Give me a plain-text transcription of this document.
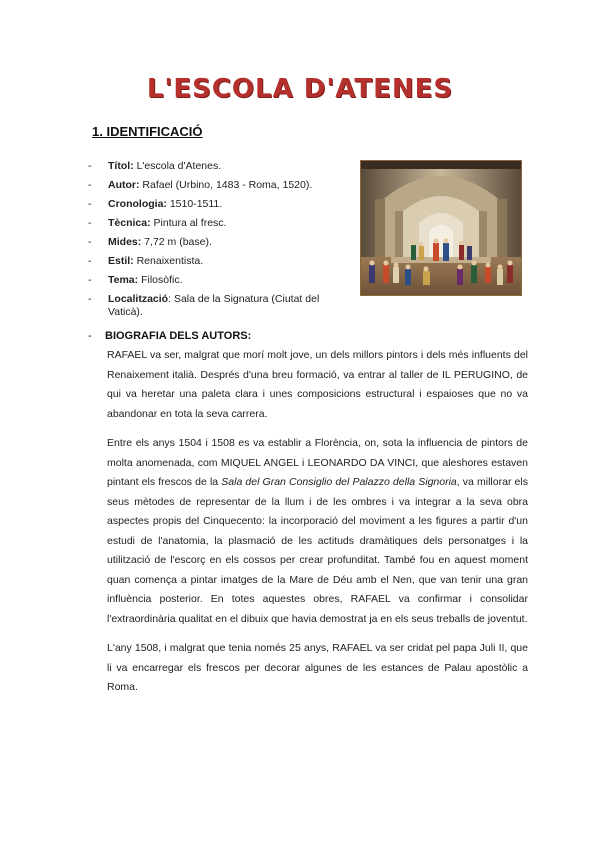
L'ESCOLA D'ATENES
1. IDENTIFICACIÓ
- Títol: L'escola d'Atenes.
- Autor: Rafael (Urbino, 1483 - Roma, 1520).
- Cronologia: 1510-1511.
- Tècnica: Pintura al fresc.
- Mides: 7,72 m (base).
- Estil: Renaixentista.
- Tema: Filosòfic.
- Localització: Sala de la Signatura (Ciutat del Vaticà).
- BIOGRAFIA DELS AUTORS:

RAFAEL va ser, malgrat que morí molt jove, un dels millors pintors i dels més influents del Renaixement italià. Després d'una breu formació, va entrar al taller de IL PERUGINO, de qui va heretar una paleta clara i unes composicions estructural i espaioses que no va abandonar en tota la seva carrera.

Entre els anys 1504 i 1508 es va establir a Florència, on, sota la influencia de pintors de molta anomenada, com MIQUEL ANGEL i LEONARDO DA VINCI, que aleshores estaven pintant els frescos de la Sala del Gran Consiglio del Palazzo della Signoria, va millorar els seus mètodes de representar de la llum i de les ombres i va integrar a la seva obra aspectes propis del Cinquecento: la incorporació del moviment a les figures a partir d'un estudi de l'anatomia, la plasmació de les actituds dramàtiques dels personatges i la utilització de l'escorç en els cossos per crear profunditat. També fou en aquest moment quan comença a pintar imatges de la Mare de Déu amb el Nen, que van tenir una gran influència posterior. En totes aquestes obres, RAFAEL va confirmar i consolidar l'extraordinària qualitat en el dibuix que havia demostrat ja en els seus treballs de joventut.

L'any 1508, i malgrat que tenia només 25 anys, RAFAEL va ser cridat pel papa Juli II, que li va encarregar els frescos per decorar algunes de les estances de Palau apostòlic a Roma.
